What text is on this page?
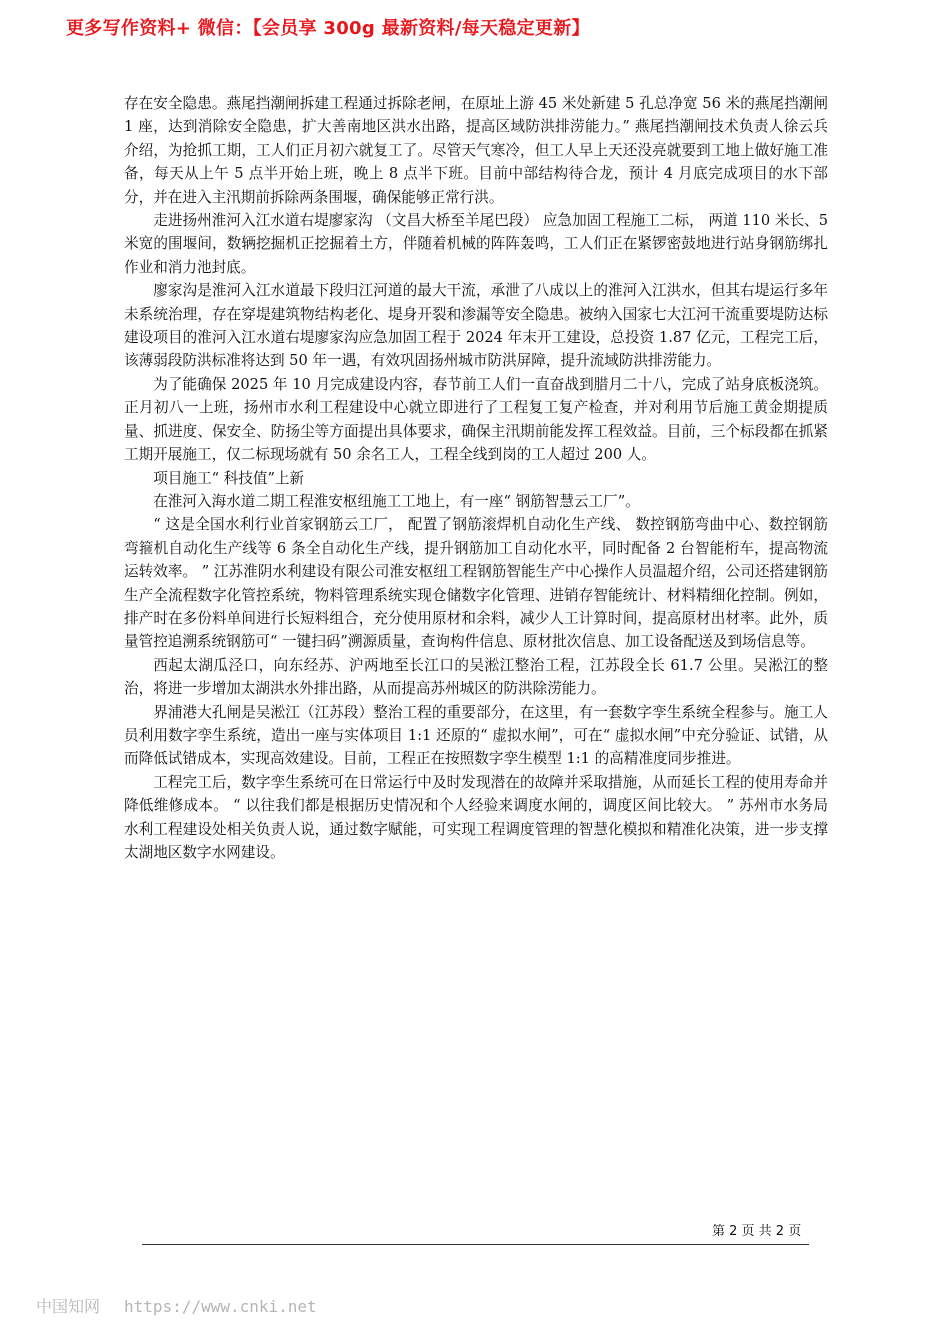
更多写作资料+ 微信：【会员享 300g 最新资料/每天稳定更新】

存在安全隐患。燕尾挡潮闸拆建工程通过拆除老闸，在原址上游 45 米处新建 5 孔总净宽 56 米的燕尾挡潮闸 1 座，达到消除安全隐患，扩大善南地区洪水出路，提高区域防洪排涝能力。” 燕尾挡潮闸技术负责人徐云兵介绍，为抢抓工期，工人们正月初六就复工了。尽管天气寒冷，但工人早上天还没亮就要到工地上做好施工准备，每天从上午 5 点半开始上班，晚上 8 点半下班。目前中部结构待合龙，预计 4 月底完成项目的水下部分，并在进入主汛期前拆除两条围堰，确保能够正常行洪。

走进扬州淮河入江水道右堤廖家沟 （文昌大桥至羊尾巴段） 应急加固工程施工二标， 两道 110 米长、5 米宽的围堰间，数辆挖掘机正挖掘着土方，伴随着机械的阵阵轰鸣，工人们正在紧锣密鼓地进行站身钢筋绑扎作业和消力池封底。

廖家沟是淮河入江水道最下段归江河道的最大干流，承泄了八成以上的淮河入江洪水，但其右堤运行多年未系统治理，存在穿堤建筑物结构老化、堤身开裂和渗漏等安全隐患。被纳入国家七大江河干流重要堤防达标建设项目的淮河入江水道右堤廖家沟应急加固工程于 2024 年末开工建设，总投资 1.87 亿元，工程完工后，该薄弱段防洪标准将达到 50 年一遇，有效巩固扬州城市防洪屏障，提升流域防洪排涝能力。

为了能确保 2025 年 10 月完成建设内容，春节前工人们一直奋战到腊月二十八，完成了站身底板浇筑。正月初八一上班，扬州市水利工程建设中心就立即进行了工程复工复产检查，并对利用节后施工黄金期提质量、抓进度、保安全、防扬尘等方面提出具体要求，确保主汛期前能发挥工程效益。目前，三个标段都在抓紧工期开展施工，仅二标现场就有 50 余名工人，工程全线到岗的工人超过 200 人。

项目施工“ 科技值”上新

在淮河入海水道二期工程淮安枢纽施工工地上，有一座“ 钢筋智慧云工厂”。

“ 这是全国水利行业首家钢筋云工厂， 配置了钢筋滚焊机自动化生产线、 数控钢筋弯曲中心、数控钢筋弯箍机自动化生产线等 6 条全自动化生产线，提升钢筋加工自动化水平，同时配备 2 台智能桁车，提高物流运转效率。 ” 江苏淮阴水利建设有限公司淮安枢纽工程钢筋智能生产中心操作人员温超介绍，公司还搭建钢筋生产全流程数字化管控系统，物料管理系统实现仓储数字化管理、进销存智能统计、材料精细化控制。例如，排产时在多份料单间进行长短料组合，充分使用原材和余料，减少人工计算时间，提高原材出材率。此外，质量管控追溯系统钢筋可“ 一键扫码”溯源质量，查询构件信息、原材批次信息、加工设备配送及到场信息等。

西起太湖瓜泾口，向东经苏、沪两地至长江口的吴淞江整治工程，江苏段全长 61.7 公里。吴淞江的整治，将进一步增加太湖洪水外排出路，从而提高苏州城区的防洪除涝能力。

界浦港大孔闸是吴淞江（江苏段）整治工程的重要部分，在这里，有一套数字孪生系统全程参与。施工人员利用数字孪生系统，造出一座与实体项目 1:1 还原的“ 虚拟水闸”，可在“ 虚拟水闸”中充分验证、试错，从而降低试错成本，实现高效建设。目前，工程正在按照数字孪生模型 1:1 的高精准度同步推进。

工程完工后，数字孪生系统可在日常运行中及时发现潜在的故障并采取措施，从而延长工程的使用寿命并降低维修成本。 “ 以往我们都是根据历史情况和个人经验来调度水闸的，调度区间比较大。 ” 苏州市水务局水利工程建设处相关负责人说，通过数字赋能，可实现工程调度管理的智慧化模拟和精准化决策，进一步支撑太湖地区数字水网建设。

第 2 页 共 2 页
中国知网 https://www.cnki.net
